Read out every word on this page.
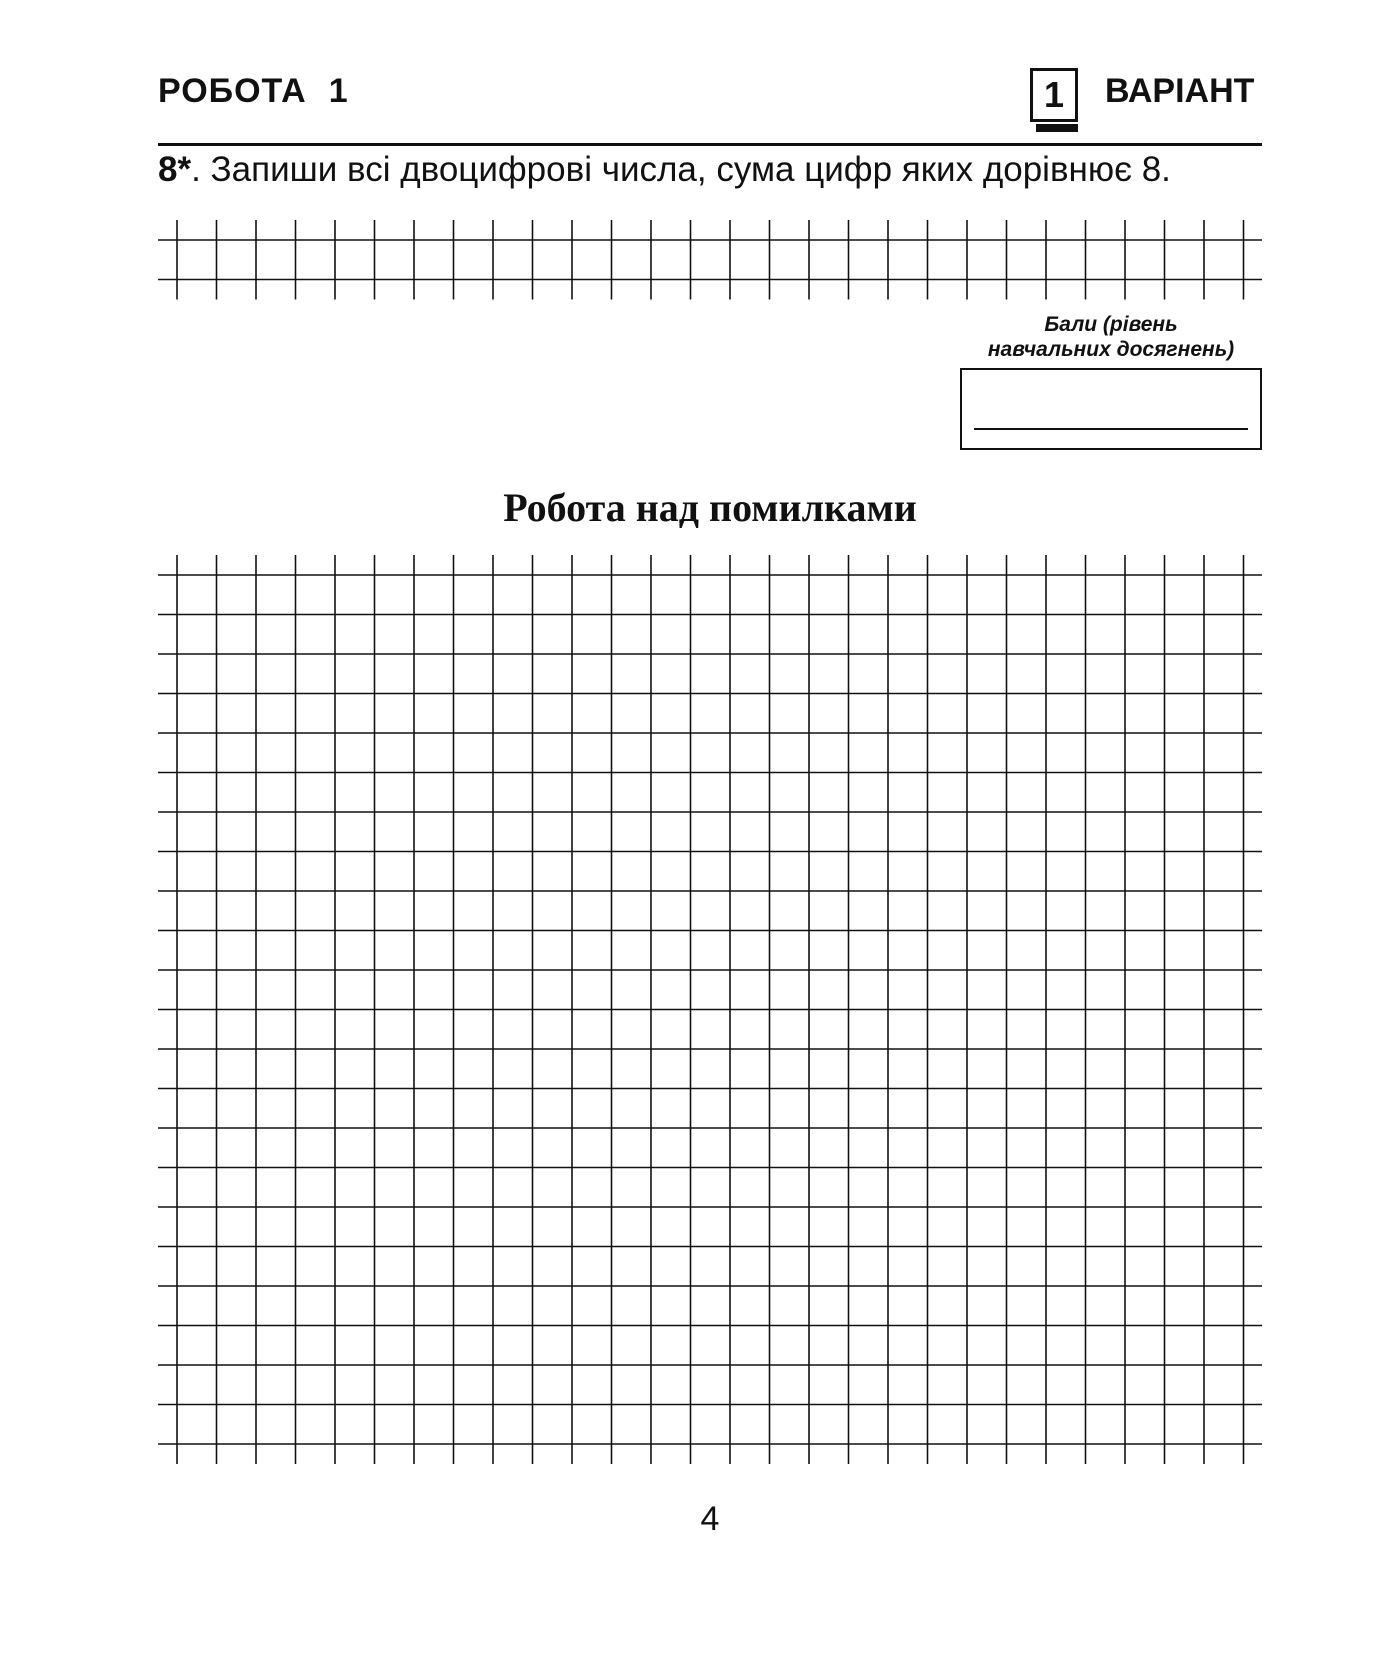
РОБОТА 1	1 ВАРІАНТ
8*. Запиши всі двоцифрові числа, сума цифр яких дорівнює 8.
Бали (рівень
навчальних досягнень)
Робота над помилками
4
